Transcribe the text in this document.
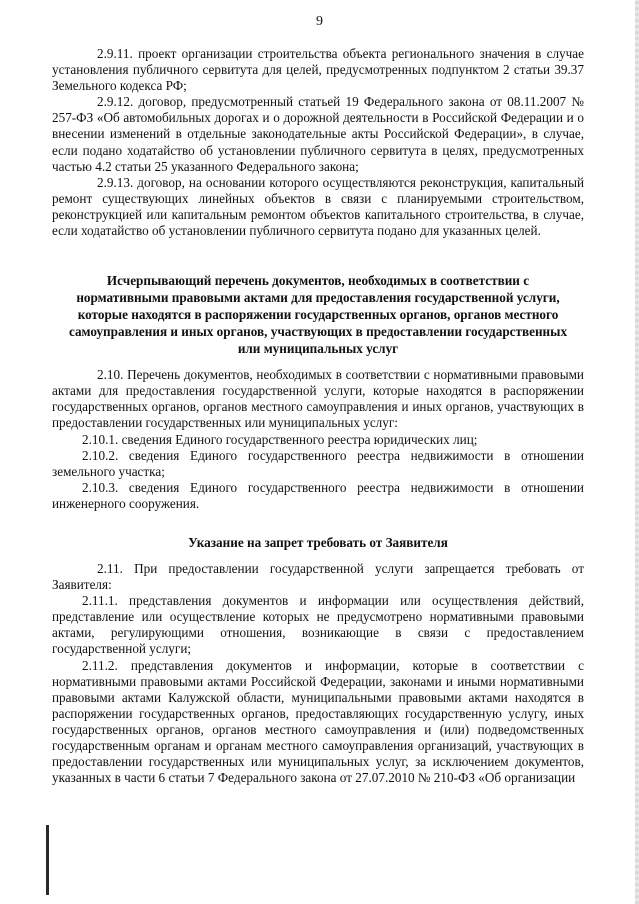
9

2.9.11. проект организации строительства объекта регионального значения в случае установления публичного сервитута для целей, предусмотренных подпунктом 2 статьи 39.37 Земельного кодекса РФ;

2.9.12. договор, предусмотренный статьей 19 Федерального закона от 08.11.2007 № 257-ФЗ «Об автомобильных дорогах и о дорожной деятельности в Российской Федерации и о внесении изменений в отдельные законодательные акты Российской Федерации», в случае, если подано ходатайство об установлении публичного сервитута в целях, предусмотренных частью 4.2 статьи 25 указанного Федерального закона;

2.9.13. договор, на основании которого осуществляются реконструкция, капитальный ремонт существующих линейных объектов в связи с планируемыми строительством, реконструкцией или капитальным ремонтом объектов капитального строительства, в случае, если ходатайство об установлении публичного сервитута подано для указанных целей.

Исчерпывающий перечень документов, необходимых в соответствии с нормативными правовыми актами для предоставления государственной услуги, которые находятся в распоряжении государственных органов, органов местного самоуправления и иных органов, участвующих в предоставлении государственных или муниципальных услуг

2.10. Перечень документов, необходимых в соответствии с нормативными правовыми актами для предоставления государственной услуги, которые находятся в распоряжении государственных органов, органов местного самоуправления и иных органов, участвующих в предоставлении государственных или муниципальных услуг:

2.10.1. сведения Единого государственного реестра юридических лиц;

2.10.2. сведения Единого государственного реестра недвижимости в отношении земельного участка;

2.10.3. сведения Единого государственного реестра недвижимости в отношении инженерного сооружения.

Указание на запрет требовать от Заявителя

2.11. При предоставлении государственной услуги запрещается требовать от Заявителя:

2.11.1. представления документов и информации или осуществления действий, представление или осуществление которых не предусмотрено нормативными правовыми актами, регулирующими отношения, возникающие в связи с предоставлением государственной услуги;

2.11.2. представления документов и информации, которые в соответствии с нормативными правовыми актами Российской Федерации, законами и иными нормативными правовыми актами Калужской области, муниципальными правовыми актами находятся в распоряжении государственных органов, предоставляющих государственную услугу, иных государственных органов, органов местного самоуправления и (или) подведомственных государственным органам и органам местного самоуправления организаций, участвующих в предоставлении государственных или муниципальных услуг, за исключением документов, указанных в части 6 статьи 7 Федерального закона от 27.07.2010 № 210-ФЗ «Об организации
